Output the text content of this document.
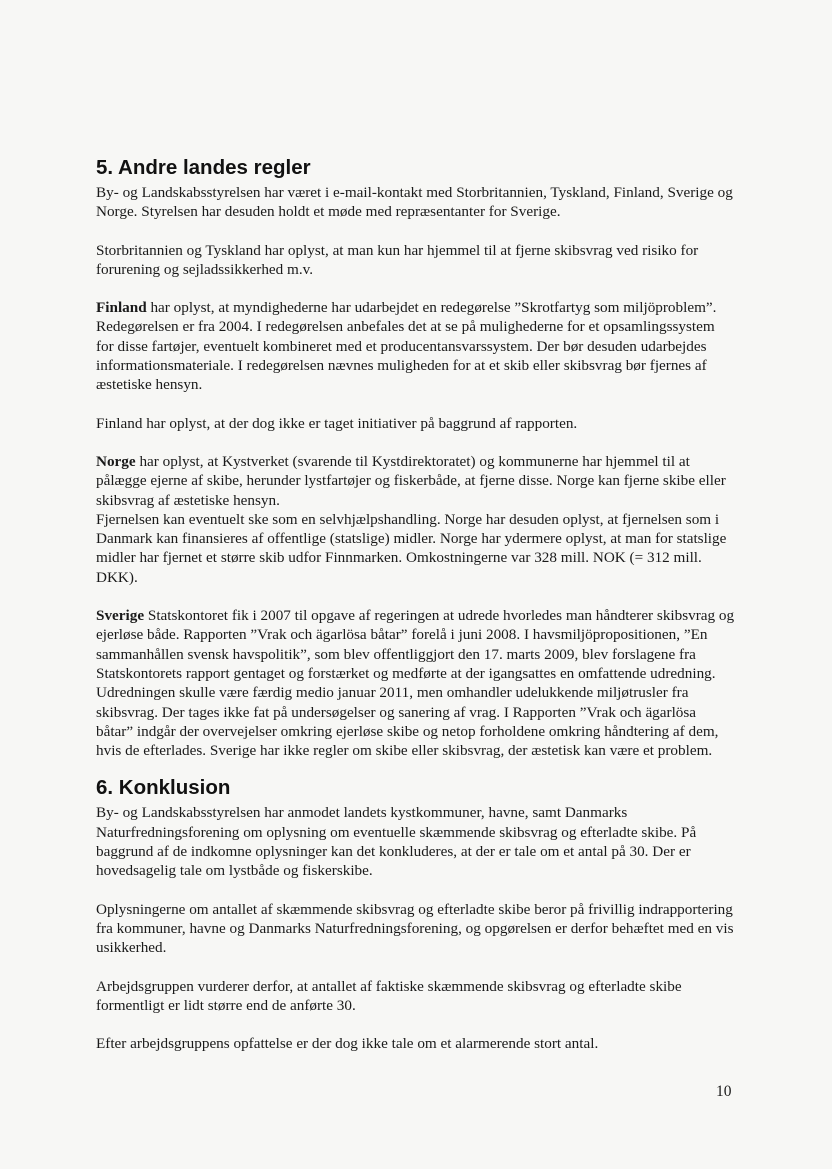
5. Andre landes regler

By- og Landskabsstyrelsen har været i e-mail-kontakt med Storbritannien, Tyskland, Finland, Sverige og Norge. Styrelsen har desuden holdt et møde med repræsentanter for Sverige.

Storbritannien og Tyskland har oplyst, at man kun har hjemmel til at fjerne skibsvrag ved risiko for forurening og sejladssikkerhed m.v.

Finland har oplyst, at myndighederne har udarbejdet en redegørelse ”Skrotfartyg som miljöproblem”. Redegørelsen er fra 2004. I redegørelsen anbefales det at se på mulighederne for et opsamlingssystem for disse fartøjer, eventuelt kombineret med et producentansvarssystem. Der bør desuden udarbejdes informationsmateriale. I redegørelsen nævnes muligheden for at et skib eller skibsvrag bør fjernes af æstetiske hensyn.

Finland har oplyst, at der dog ikke er taget initiativer på baggrund af rapporten.

Norge har oplyst, at Kystverket (svarende til Kystdirektoratet) og kommunerne har hjemmel til at pålægge ejerne af skibe, herunder lystfartøjer og fiskerbåde, at fjerne disse. Norge kan fjerne skibe eller skibsvrag af æstetiske hensyn.

Fjernelsen kan eventuelt ske som en selvhjælpshandling. Norge har desuden oplyst, at fjernelsen som i Danmark kan finansieres af offentlige (statslige) midler. Norge har ydermere oplyst, at man for statslige midler har fjernet et større skib udfor Finnmarken. Omkostningerne var 328 mill. NOK (= 312 mill. DKK).

Sverige Statskontoret fik i 2007 til opgave af regeringen at udrede hvorledes man håndterer skibsvrag og ejerløse både. Rapporten ”Vrak och ägarlösa båtar” forelå i juni 2008. I havsmiljöpropositionen, ”En sammanhållen svensk havspolitik”, som blev offentliggjort den 17. marts 2009, blev forslagene fra Statskontorets rapport gentaget og forstærket og medførte at der igangsattes en omfattende udredning. Udredningen skulle være færdig medio januar 2011, men omhandler udelukkende miljøtrusler fra skibsvrag. Der tages ikke fat på undersøgelser og sanering af vrag. I Rapporten ”Vrak och ägarlösa båtar” indgår der overvejelser omkring ejerløse skibe og netop forholdene omkring håndtering af dem, hvis de efterlades. Sverige har ikke regler om skibe eller skibsvrag, der æstetisk kan være et problem.

6. Konklusion

By- og Landskabsstyrelsen har anmodet landets kystkommuner, havne, samt Danmarks Naturfredningsforening om oplysning om eventuelle skæmmende skibsvrag og efterladte skibe. På baggrund af de indkomne oplysninger kan det konkluderes, at der er tale om et antal på 30. Der er hovedsagelig tale om lystbåde og fiskerskibe.

Oplysningerne om antallet af skæmmende skibsvrag og efterladte skibe beror på frivillig indrapportering fra kommuner, havne og Danmarks Naturfredningsforening, og opgørelsen er derfor behæftet med en vis usikkerhed.

Arbejdsgruppen vurderer derfor, at antallet af faktiske skæmmende skibsvrag og efterladte skibe formentligt er lidt større end de anførte 30.

Efter arbejdsgruppens opfattelse er der dog ikke tale om et alarmerende stort antal.

10
